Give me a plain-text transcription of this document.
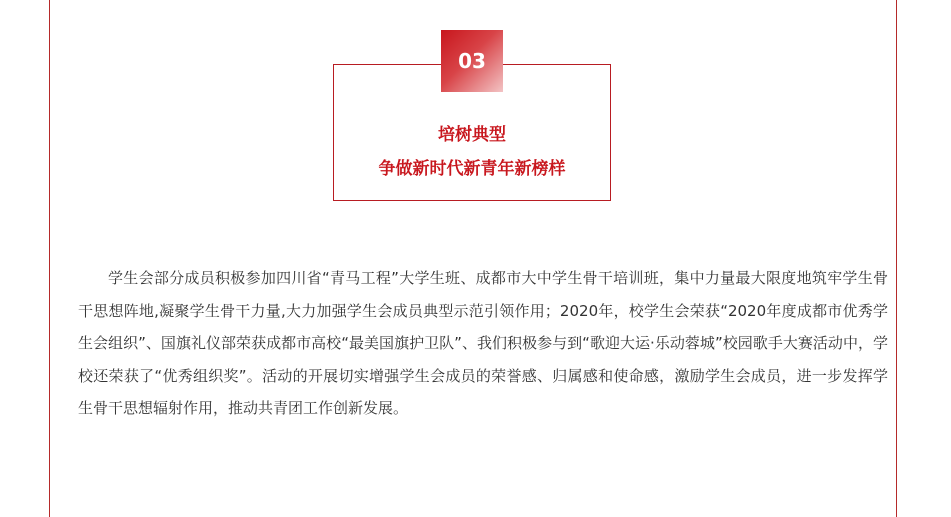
03
培树典型
争做新时代新青年新榜样

学生会部分成员积极参加四川省“青马工程”大学生班、成都市大中学生骨干培训班，集中力量最大限度地筑牢学生骨干思想阵地,凝聚学生骨干力量,大力加强学生会成员典型示范引领作用；2020年，校学生会荣获“2020年度成都市优秀学生会组织”、国旗礼仪部荣获成都市高校“最美国旗护卫队”、我们积极参与到“歌迎大运·乐动蓉城”校园歌手大赛活动中，学校还荣获了“优秀组织奖”。活动的开展切实增强学生会成员的荣誉感、归属感和使命感，激励学生会成员，进一步发挥学生骨干思想辐射作用，推动共青团工作创新发展。
